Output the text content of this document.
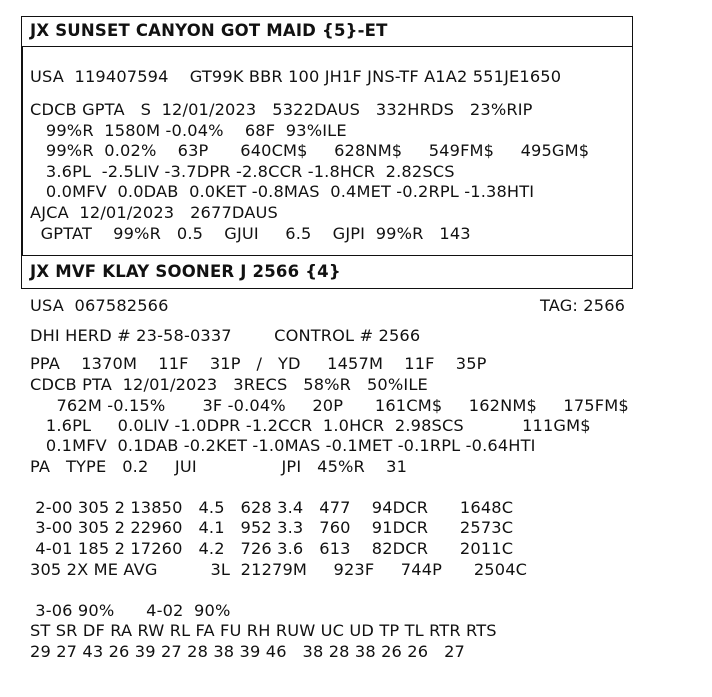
JX SUNSET CANYON GOT MAID {5}-ET
USA  119407594    GT99K BBR 100 JH1F JNS-TF A1A2 551JE1650
CDCB GPTA   S  12/01/2023   5322DAUS   332HRDS   23%RIP
99%R  1580M -0.04%    68F  93%ILE
99%R  0.02%    63P      640CM$     628NM$     549FM$     495GM$
3.6PL  -2.5LIV -3.7DPR -2.8CCR -1.8HCR  2.82SCS
0.0MFV  0.0DAB  0.0KET -0.8MAS  0.4MET -0.2RPL -1.38HTI
AJCA  12/01/2023   2677DAUS
GPTAT    99%R   0.5    GJUI     6.5    GJPI  99%R   143
JX MVF KLAY SOONER J 2566 {4}
USA  067582566	TAG: 2566
DHI HERD # 23-58-0337        CONTROL # 2566
PPA    1370M    11F    31P   /   YD     1457M    11F    35P
CDCB PTA  12/01/2023   3RECS   58%R   50%ILE
762M -0.15%       3F -0.04%     20P      161CM$     162NM$     175FM$
1.6PL     0.0LIV -1.0DPR -1.2CCR  1.0HCR  2.98SCS           111GM$
0.1MFV  0.1DAB -0.2KET -1.0MAS -0.1MET -0.1RPL -0.64HTI
PA   TYPE   0.2     JUI                JPI   45%R    31
2-00 305 2 13850   4.5   628 3.4   477    94DCR      1648C
3-00 305 2 22960   4.1   952 3.3   760    91DCR      2573C
4-01 185 2 17260   4.2   726 3.6   613    82DCR      2011C
305 2X ME AVG          3L  21279M     923F     744P      2504C
3-06 90%      4-02  90%
ST SR DF RA RW RL FA FU RH RUW UC UD TP TL RTR RTS
29 27 43 26 39 27 28 38 39 46   38 28 38 26 26   27
